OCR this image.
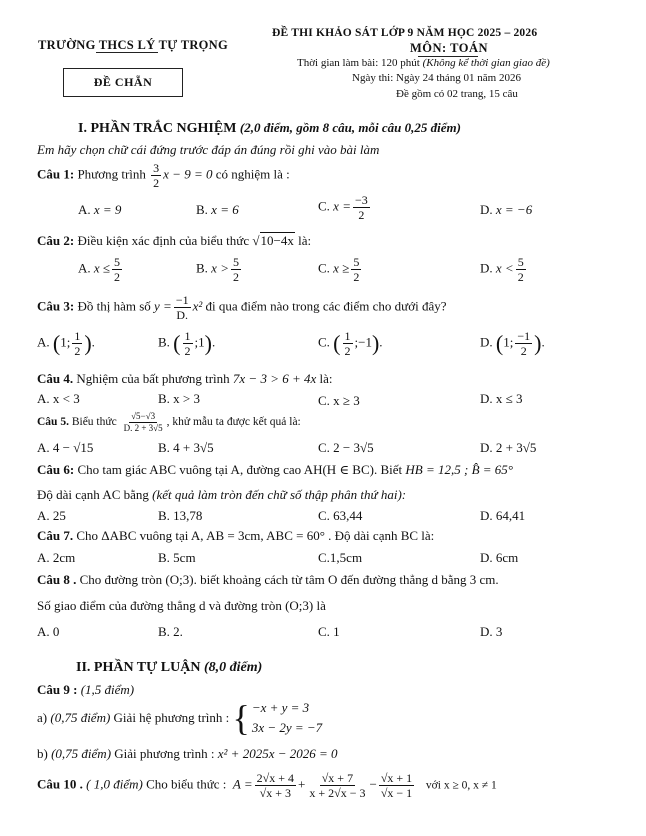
TRƯỜNG THCS LÝ TỰ TRỌNG
ĐỀ THI KHẢO SÁT LỚP 9 NĂM HỌC 2025 – 2026
MÔN: TOÁN
Thời gian làm bài: 120 phút (Không kể thời gian giao đề)
Ngày thi: Ngày 24 tháng 01 năm 2026
Đề gồm có 02 trang, 15 câu
ĐỀ CHẴN
I. PHẦN TRẮC NGHIỆM (2,0 điểm, gồm 8 câu, mỗi câu 0,25 điểm)
Em hãy chọn chữ cái đứng trước đáp án đúng rồi ghi vào bài làm
Câu 1: Phương trình $\frac{3}{2}$ x − 9 = 0 có nghiệm là :
A. x = 9	B. x = 6	C. $x = \frac{-3}{2}$	D. x = −6
Câu 2: Điều kiện xác định của biểu thức √10−4x là:
A. $x \le \frac{5}{2}$	B. $x > \frac{5}{2}$	C. $x \ge \frac{5}{2}$	D. $x < \frac{5}{2}$
Câu 3: Đồ thị hàm số $y = \frac{-1}{D.} x^2$ đi qua điểm nào trong các điểm cho dưới đây?
A. (1; $\frac{1}{2}$ ).	B. ( $\frac{1}{2}$ ;1).	C. ( $\frac{1}{2}$ ;−1).	D. (1; $\frac{-1}{2}$ ).
Câu 4. Nghiệm của bất phương trình 7x − 3 > 6 + 4x là:
A. x < 3	B. x > 3	C. x ≥ 3	D. x ≤ 3
Câu 5. Biểu thức $\frac{√5-√3}{D. 2 + 3√5}$ , khử mẫu ta được kết quả là:
A. 4 − √15	B. 4 + 3√5	C. 2 − 3√5	D. 2 + 3√5
Câu 6: Cho tam giác ABC vuông tại A, đường cao AH(H ∈ BC). Biết HB = 12,5 ; B̂ = 65°
Độ dài cạnh AC bằng (kết quả làm tròn đến chữ số thập phân thứ hai):
A. 25	B. 13,78	C. 63,44	D. 64,41
Câu 7. Cho ΔABC vuông tại A, AB = 3cm, ABC = 60° . Độ dài cạnh BC là:
A. 2cm	B. 5cm	C.1,5cm	D. 6cm
Câu 8 . Cho đường tròn (O;3). biết khoảng cách từ tâm O đến đường thẳng d bằng 3 cm.
Số giao điểm của đường thẳng d và đường tròn (O;3) là
A. 0	B. 2.	C. 1	D. 3
II. PHẦN TỰ LUẬN (8,0 điểm)
Câu 9 : (1,5 điểm)
a) (0,75 điểm) Giải hệ phương trình : { −x + y = 3
3x − 2y = −7
b) (0,75 điểm) Giải phương trình : x² + 2025x − 2026 = 0
Câu 10 . ( 1,0 điểm) Cho biểu thức : $A = \frac{2√x + 4}{√x + 3} + \frac{√x + 7}{x + 2√x - 3} - \frac{√x + 1}{√x - 1}$ với x ≥ 0, x ≠ 1
